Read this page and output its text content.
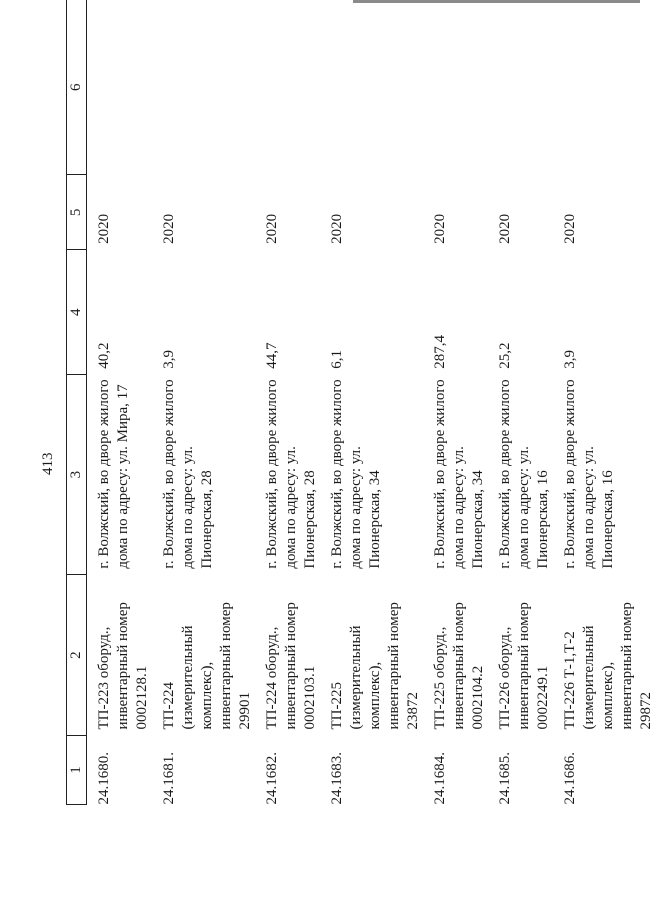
413
1	2	3	4	5	6
24.1680.	ТП-223 оборуд., инвентарный номер 0002128.1	г. Волжский, во дворе жилого дома по адресу: ул. Мира, 17	40,2	2020	
24.1681.	ТП-224 (измерительный комплекс), инвентарный номер 29901	г. Волжский, во дворе жилого дома по адресу: ул. Пионерская, 28	3,9	2020	
24.1682.	ТП-224 оборуд., инвентарный номер 0002103.1	г. Волжский, во дворе жилого дома по адресу: ул. Пионерская, 28	44,7	2020	
24.1683.	ТП-225 (измерительный комплекс), инвентарный номер 23872	г. Волжский, во дворе жилого дома по адресу: ул. Пионерская, 34	6,1	2020	
24.1684.	ТП-225 оборуд., инвентарный номер 0002104.2	г. Волжский, во дворе жилого дома по адресу: ул. Пионерская, 34	287,4	2020	
24.1685.	ТП-226 оборуд., инвентарный номер 0002249.1	г. Волжский, во дворе жилого дома по адресу: ул. Пионерская, 16	25,2	2020	
24.1686.	ТП-226 Т-1,Т-2 (измерительный комплекс), инвентарный номер 29872	г. Волжский, во дворе жилого дома по адресу: ул. Пионерская, 16	3,9	2020	
